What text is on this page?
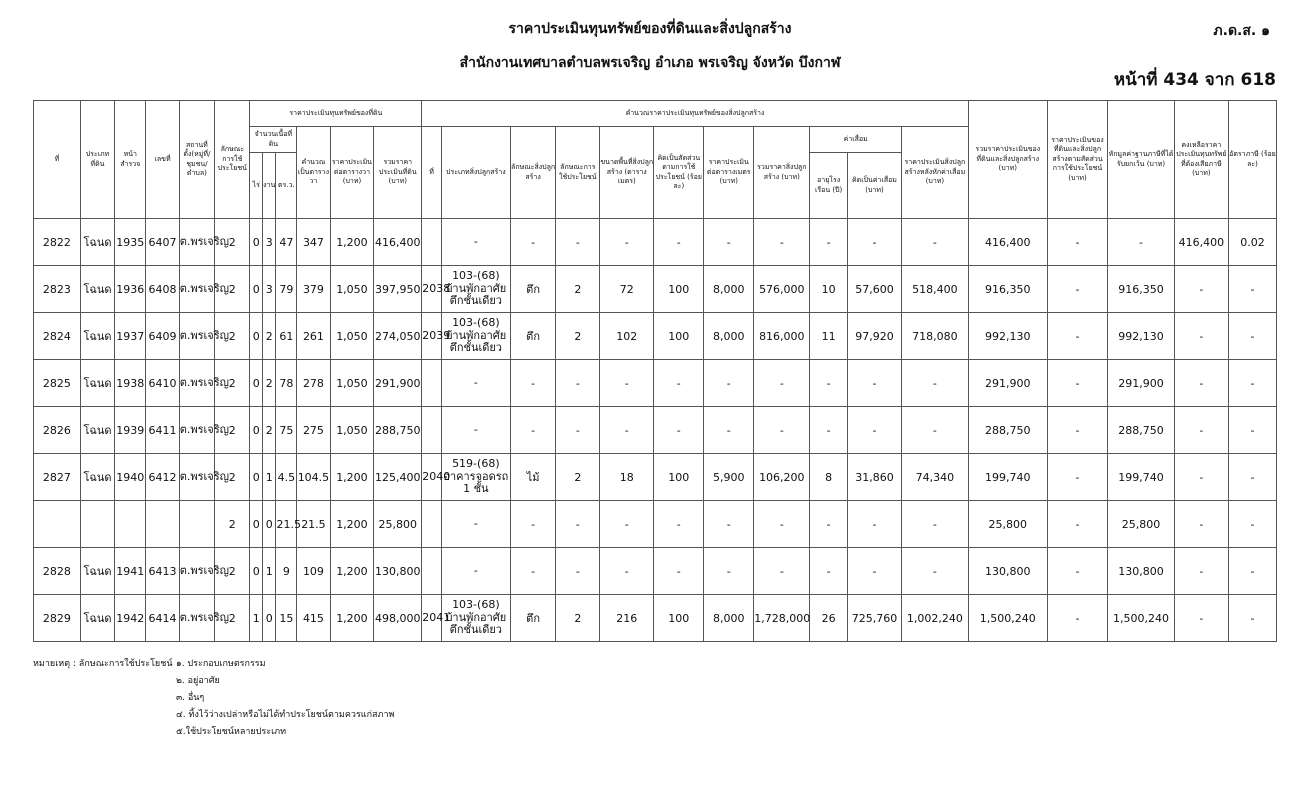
ราคาประเมินทุนทรัพย์ของที่ดินและสิ่งปลูกสร้าง
สำนักงานเทศบาลตำบลพรเจริญ อำเภอ พรเจริญ จังหวัด บึงกาฬ
ภ.ด.ส. ๑
หน้าที่ 434 จาก 618
ที่	ประเภทที่ดิน	หน้าสำรวจ	เลขที่	สถานที่ตั้ง(หมู่ที่/ชุมชน/ตำบล)	ลักษณะการใช้ประโยชน์	ราคาประเมินทุนทรัพย์ของที่ดิน						คำนวณราคาประเมินทุนทรัพย์ของสิ่งปลูกสร้าง											รวมราคาประเมินของที่ดินและสิ่งปลูกสร้าง (บาท)	ราคาประเมินของที่ดินและสิ่งปลูกสร้างตามสัดส่วนการใช้ประโยชน์ (บาท)	หักมูลค่าฐานภาษีที่ได้รับยกเว้น (บาท)	คงเหลือราคาประเมินทุนทรัพย์ที่ต้องเสียภาษี (บาท)	อัตราภาษี (ร้อยละ)
						จำนวนเนื้อที่ดิน			คำนวณเป็นตารางวา	ราคาประเมินต่อตารางวา (บาท)	รวมราคาประเมินที่ดิน (บาท)	ที่	ประเภทสิ่งปลูกสร้าง	ลักษณะสิ่งปลูกสร้าง	ลักษณะการใช้ประโยชน์	ขนาดพื้นที่สิ่งปลูกสร้าง (ตารางเมตร)	คิดเป็นสัดส่วนตามการใช้ประโยชน์ (ร้อยละ)	ราคาประเมินต่อตารางเมตร (บาท)	รวมราคาสิ่งปลูกสร้าง (บาท)	ค่าเสื่อม		ราคาประเมินสิ่งปลูกสร้างหลังหักค่าเสื่อม (บาท)					
						ไร่	งาน	ตร.ว.												อายุโรงเรือน (ปี)	คิดเป็นค่าเสื่อม (บาท)						
2822	โฉนด	1935	6407	ต.พรเจริญ	2	0	3	47	347	1,200	416,400		-	-	-	-	-	-	-	-	-	-	416,400	-	-	416,400	0.02
2823	โฉนด	1936	6408	ต.พรเจริญ	2	0	3	79	379	1,050	397,950	2038	103-(68) บ้านพักอาศัยตึกชั้นเดียว	ตึก	2	72	100	8,000	576,000	10	57,600	518,400	916,350	-	916,350	-	-
2824	โฉนด	1937	6409	ต.พรเจริญ	2	0	2	61	261	1,050	274,050	2039	103-(68) บ้านพักอาศัยตึกชั้นเดียว	ตึก	2	102	100	8,000	816,000	11	97,920	718,080	992,130	-	992,130	-	-
2825	โฉนด	1938	6410	ต.พรเจริญ	2	0	2	78	278	1,050	291,900		-	-	-	-	-	-	-	-	-	-	291,900	-	291,900	-	-
2826	โฉนด	1939	6411	ต.พรเจริญ	2	0	2	75	275	1,050	288,750		-	-	-	-	-	-	-	-	-	-	288,750	-	288,750	-	-
2827	โฉนด	1940	6412	ต.พรเจริญ	2	0	1	4.5	104.5	1,200	125,400	2040	519-(68) อาคารจอดรถ 1 ชั้น	ไม้	2	18	100	5,900	106,200	8	31,860	74,340	199,740	-	199,740	-	-
					2	0	0	21.5	21.5	1,200	25,800		-	-	-	-	-	-	-	-	-	-	25,800	-	25,800	-	-
2828	โฉนด	1941	6413	ต.พรเจริญ	2	0	1	9	109	1,200	130,800		-	-	-	-	-	-	-	-	-	-	130,800	-	130,800	-	-
2829	โฉนด	1942	6414	ต.พรเจริญ	2	1	0	15	415	1,200	498,000	2041	103-(68) บ้านพักอาศัยตึกชั้นเดียว	ตึก	2	216	100	8,000	1,728,000	26	725,760	1,002,240	1,500,240	-	1,500,240	-	-
หมายเหตุ : ลักษณะการใช้ประโยชน์ ๑. ประกอบเกษตรกรรม
๒. อยู่อาศัย
๓. อื่นๆ
๔. ทิ้งไว้ว่างเปล่าหรือไม่ได้ทำประโยชน์ตามควรแก่สภาพ
๕.ใช้ประโยชน์หลายประเภท
